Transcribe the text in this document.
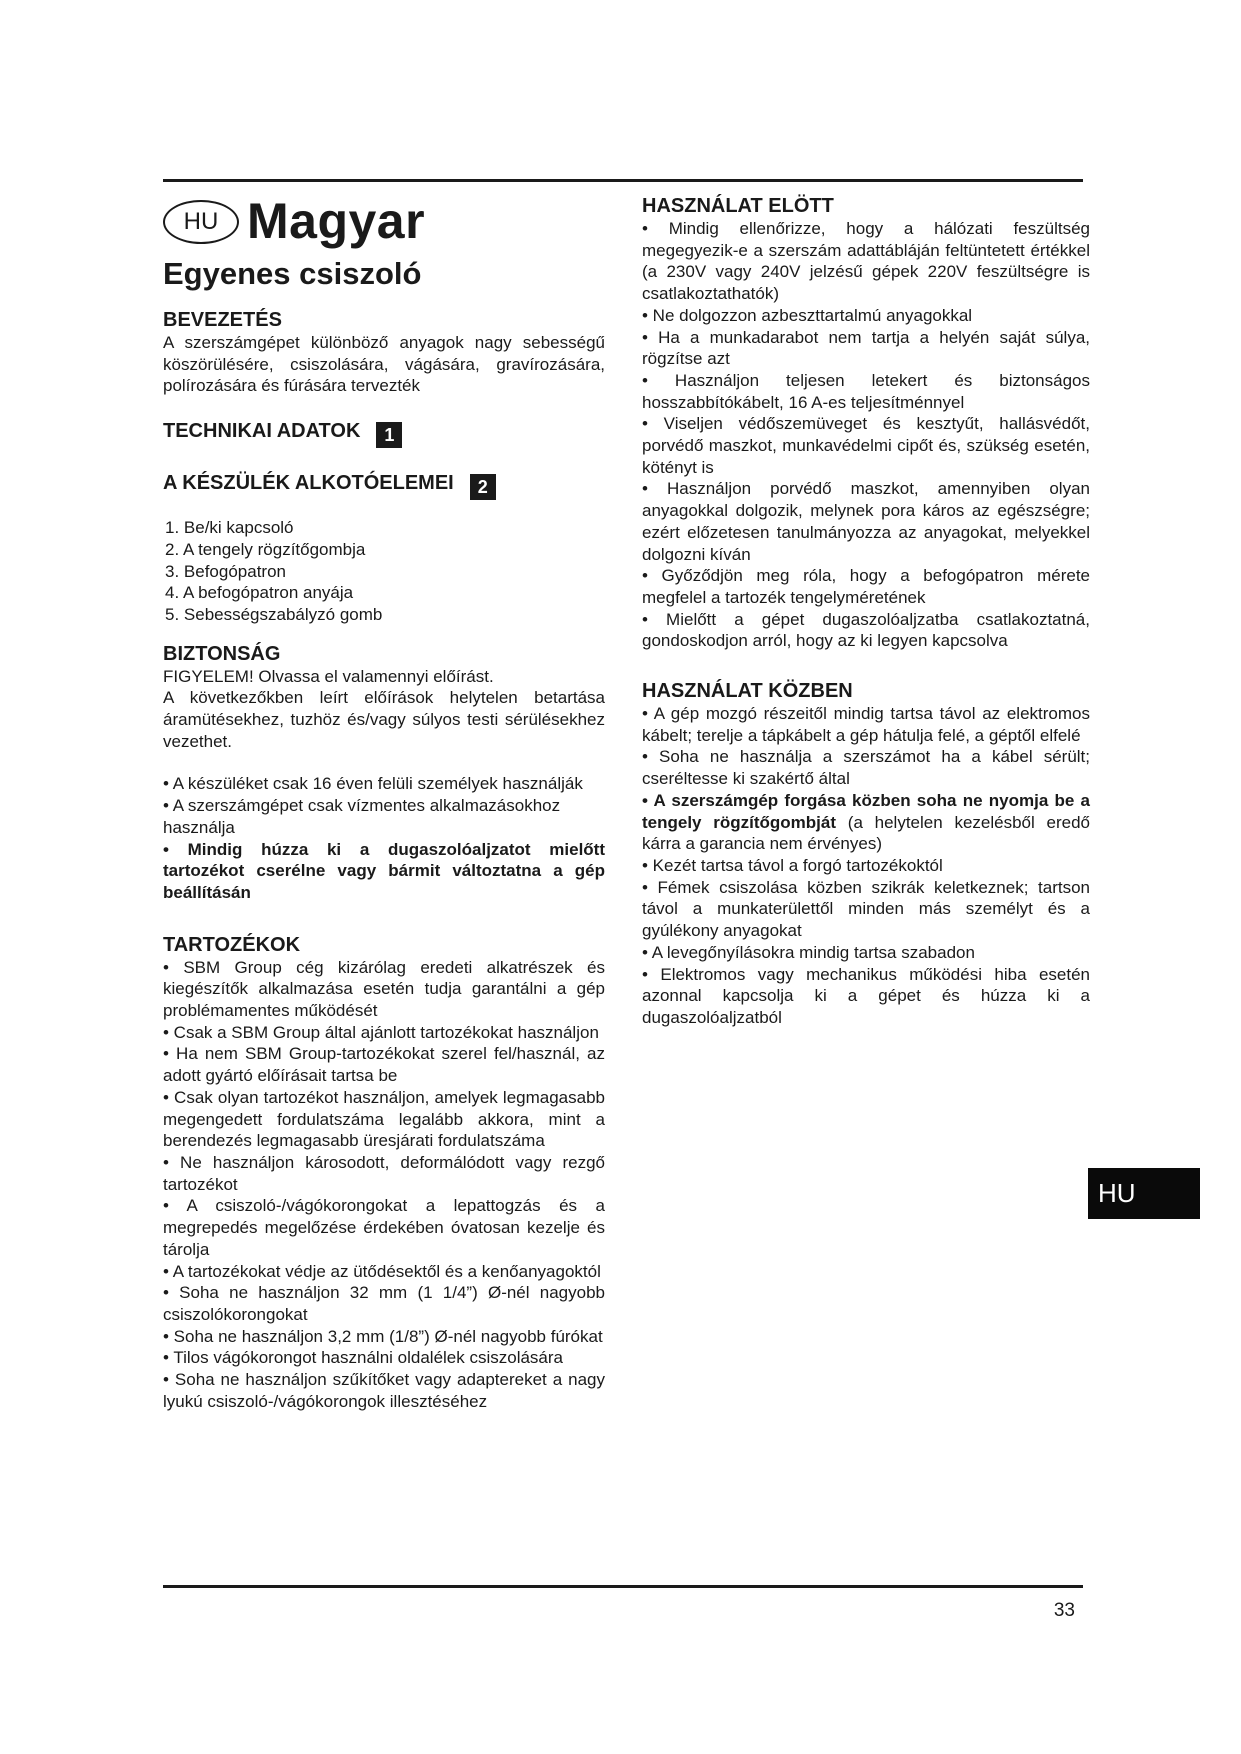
HU Magyar
Egyenes csiszoló
BEVEZETÉS

A szerszámgépet különböző anyagok nagy sebességű köszörülésére, csiszolására, vágására, gravírozására, polírozására és fúrására tervezték

TECHNIKAI ADATOK 1
A KÉSZÜLÉK ALKOTÓELEMEI 2
1. Be/ki kapcsoló
2. A tengely rögzítőgombja
3. Befogópatron
4. A befogópatron anyája
5. Sebességszabályzó gomb
BIZTONSÁG

FIGYELEM! Olvassa el valamennyi előírást.

A következőkben leírt előírások helytelen betartása áramütésekhez, tuzhöz és/vagy súlyos testi sérülésekhez vezethet.

• A készüléket csak 16 éven felüli személyek használják

• A szerszámgépet csak vízmentes alkalmazásokhoz használja

• Mindig húzza ki a dugaszolóaljzatot mielőtt tartozékot cserélne vagy bármit változtatna a gép beállításán

TARTOZÉKOK

• SBM Group cég kizárólag eredeti alkatrészek és kiegészítők alkalmazása esetén tudja garantálni a gép problémamentes működését

• Csak a SBM Group által ajánlott tartozékokat használjon

• Ha nem SBM Group-tartozékokat szerel fel/használ, az adott gyártó előírásait tartsa be

• Csak olyan tartozékot használjon, amelyek legmagasabb megengedett fordulatszáma legalább akkora, mint a berendezés legmagasabb üresjárati fordulatszáma

• Ne használjon károsodott, deformálódott vagy rezgő tartozékot

• A csiszoló-/vágókorongokat a lepattogzás és a megrepedés megelőzése érdekében óvatosan kezelje és tárolja

• A tartozékokat védje az ütődésektől és a kenőanyagoktól

• Soha ne használjon 32 mm (1 1/4”) Ø-nél nagyobb csiszolókorongokat

• Soha ne használjon 3,2 mm (1/8”) Ø-nél nagyobb fúrókat

• Tilos vágókorongot használni oldalélek csiszolására

• Soha ne használjon szűkítőket vagy adaptereket a nagy lyukú csiszoló-/vágókorongok illesztéséhez

HASZNÁLAT ELÖTT

• Mindig ellenőrizze, hogy a hálózati feszültség megegyezik-e a szerszám adattábláján feltüntetett értékkel (a 230V vagy 240V jelzésű gépek 220V feszültségre is csatlakoztathatók)

• Ne dolgozzon azbeszttartalmú anyagokkal

• Ha a munkadarabot nem tartja a helyén saját súlya, rögzítse azt

• Használjon teljesen letekert és biztonságos hosszabbítókábelt, 16 A-es teljesítménnyel

• Viseljen védőszemüveget és kesztyűt, hallásvédőt, porvédő maszkot, munkavédelmi cipőt és, szükség esetén, kötényt is

• Használjon porvédő maszkot, amennyiben olyan anyagokkal dolgozik, melynek pora káros az egészségre; ezért előzetesen tanulmányozza az anyagokat, melyekkel dolgozni kíván

• Győződjön meg róla, hogy a befogópatron mérete megfelel a tartozék tengelyméretének

• Mielőtt a gépet dugaszolóaljzatba csatlakoztatná, gondoskodjon arról, hogy az ki legyen kapcsolva

HASZNÁLAT KÖZBEN

• A gép mozgó részeitől mindig tartsa távol az elektromos kábelt; terelje a tápkábelt a gép hátulja felé, a géptől elfelé

• Soha ne használja a szerszámot ha a kábel sérült; cseréltesse ki szakértő által

• A szerszámgép forgása közben soha ne nyomja be a tengely rögzítőgombját (a helytelen kezelésből eredő kárra a garancia nem érvényes)

• Kezét tartsa távol a forgó tartozékoktól

• Fémek csiszolása közben szikrák keletkeznek; tartson távol a munkaterülettől minden más személyt és a gyúlékony anyagokat

• A levegőnyílásokra mindig tartsa szabadon

• Elektromos vagy mechanikus működési hiba esetén azonnal kapcsolja ki a gépet és húzza ki a dugaszolóaljzatból

HU
33
